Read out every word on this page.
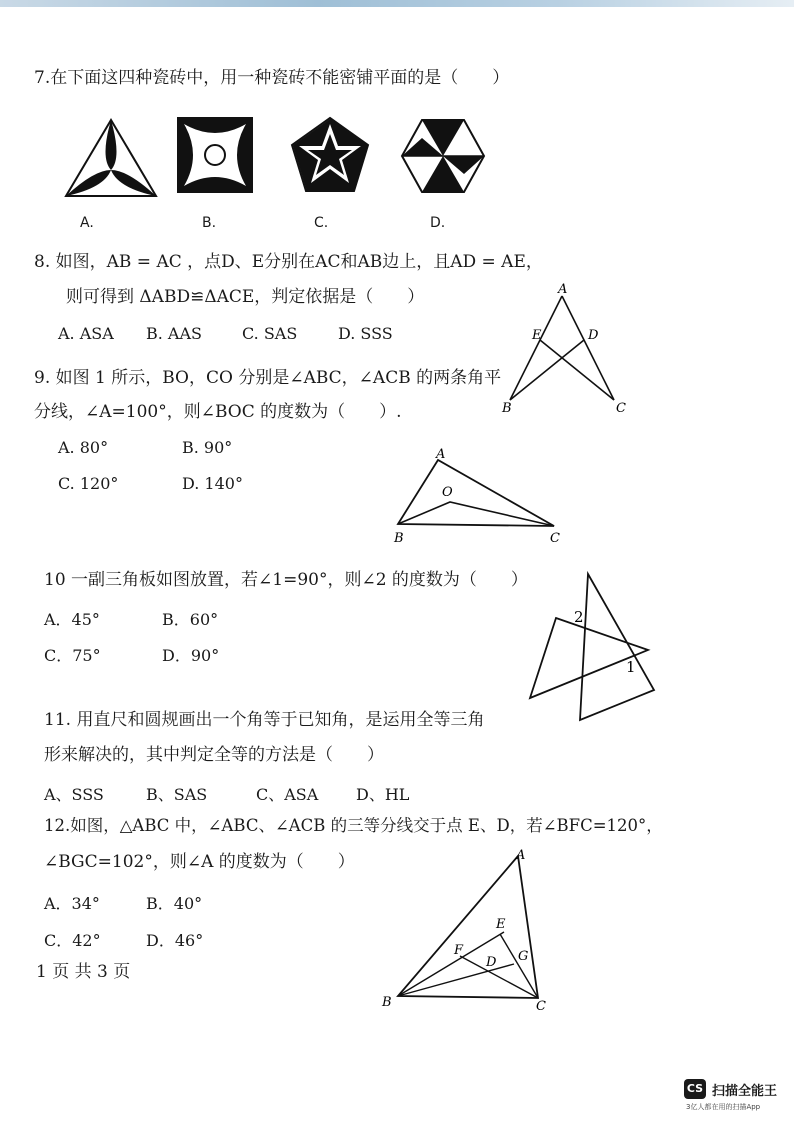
7.在下面这四种瓷砖中，用一种瓷砖不能密铺平面的是（　　）
A.	B.	C.	D.
8. 如图，AB = AC ，点D、E分别在AC和AB边上，且AD = AE，
则可得到 ΔABD≌ΔACE，判定依据是（　　）
A. ASA B. AAS	C. SAS	D. SSS
A
E	D
B	C
9. 如图 1 所示，BO，CO 分别是∠ABC，∠ACB 的两条角平
分线，∠A=100°，则∠BOC 的度数为（　　）.
A. 80°	B. 90°
C. 120°	D. 140°
A
O
B	C
10 一副三角板如图放置，若∠1=90°，则∠2 的度数为（　　）
A．45°	B．60°
C．75°	D．90°
2
1
11. 用直尺和圆规画出一个角等于已知角，是运用全等三角
形来解决的，其中判定全等的方法是（　　）
A、SSS	B、SAS	C、ASA D、HL
12.如图，△ABC 中，∠ABC、∠ACB 的三等分线交于点 E、D，若∠BFC=120°，
∠BGC=102°，则∠A 的度数为（　　）
A．34°	B．40°
C．42°	D．46°
A
E
F
D G
B	C
1 页 共 3 页
CS 扫描全能王
3亿人都在用的扫描App
